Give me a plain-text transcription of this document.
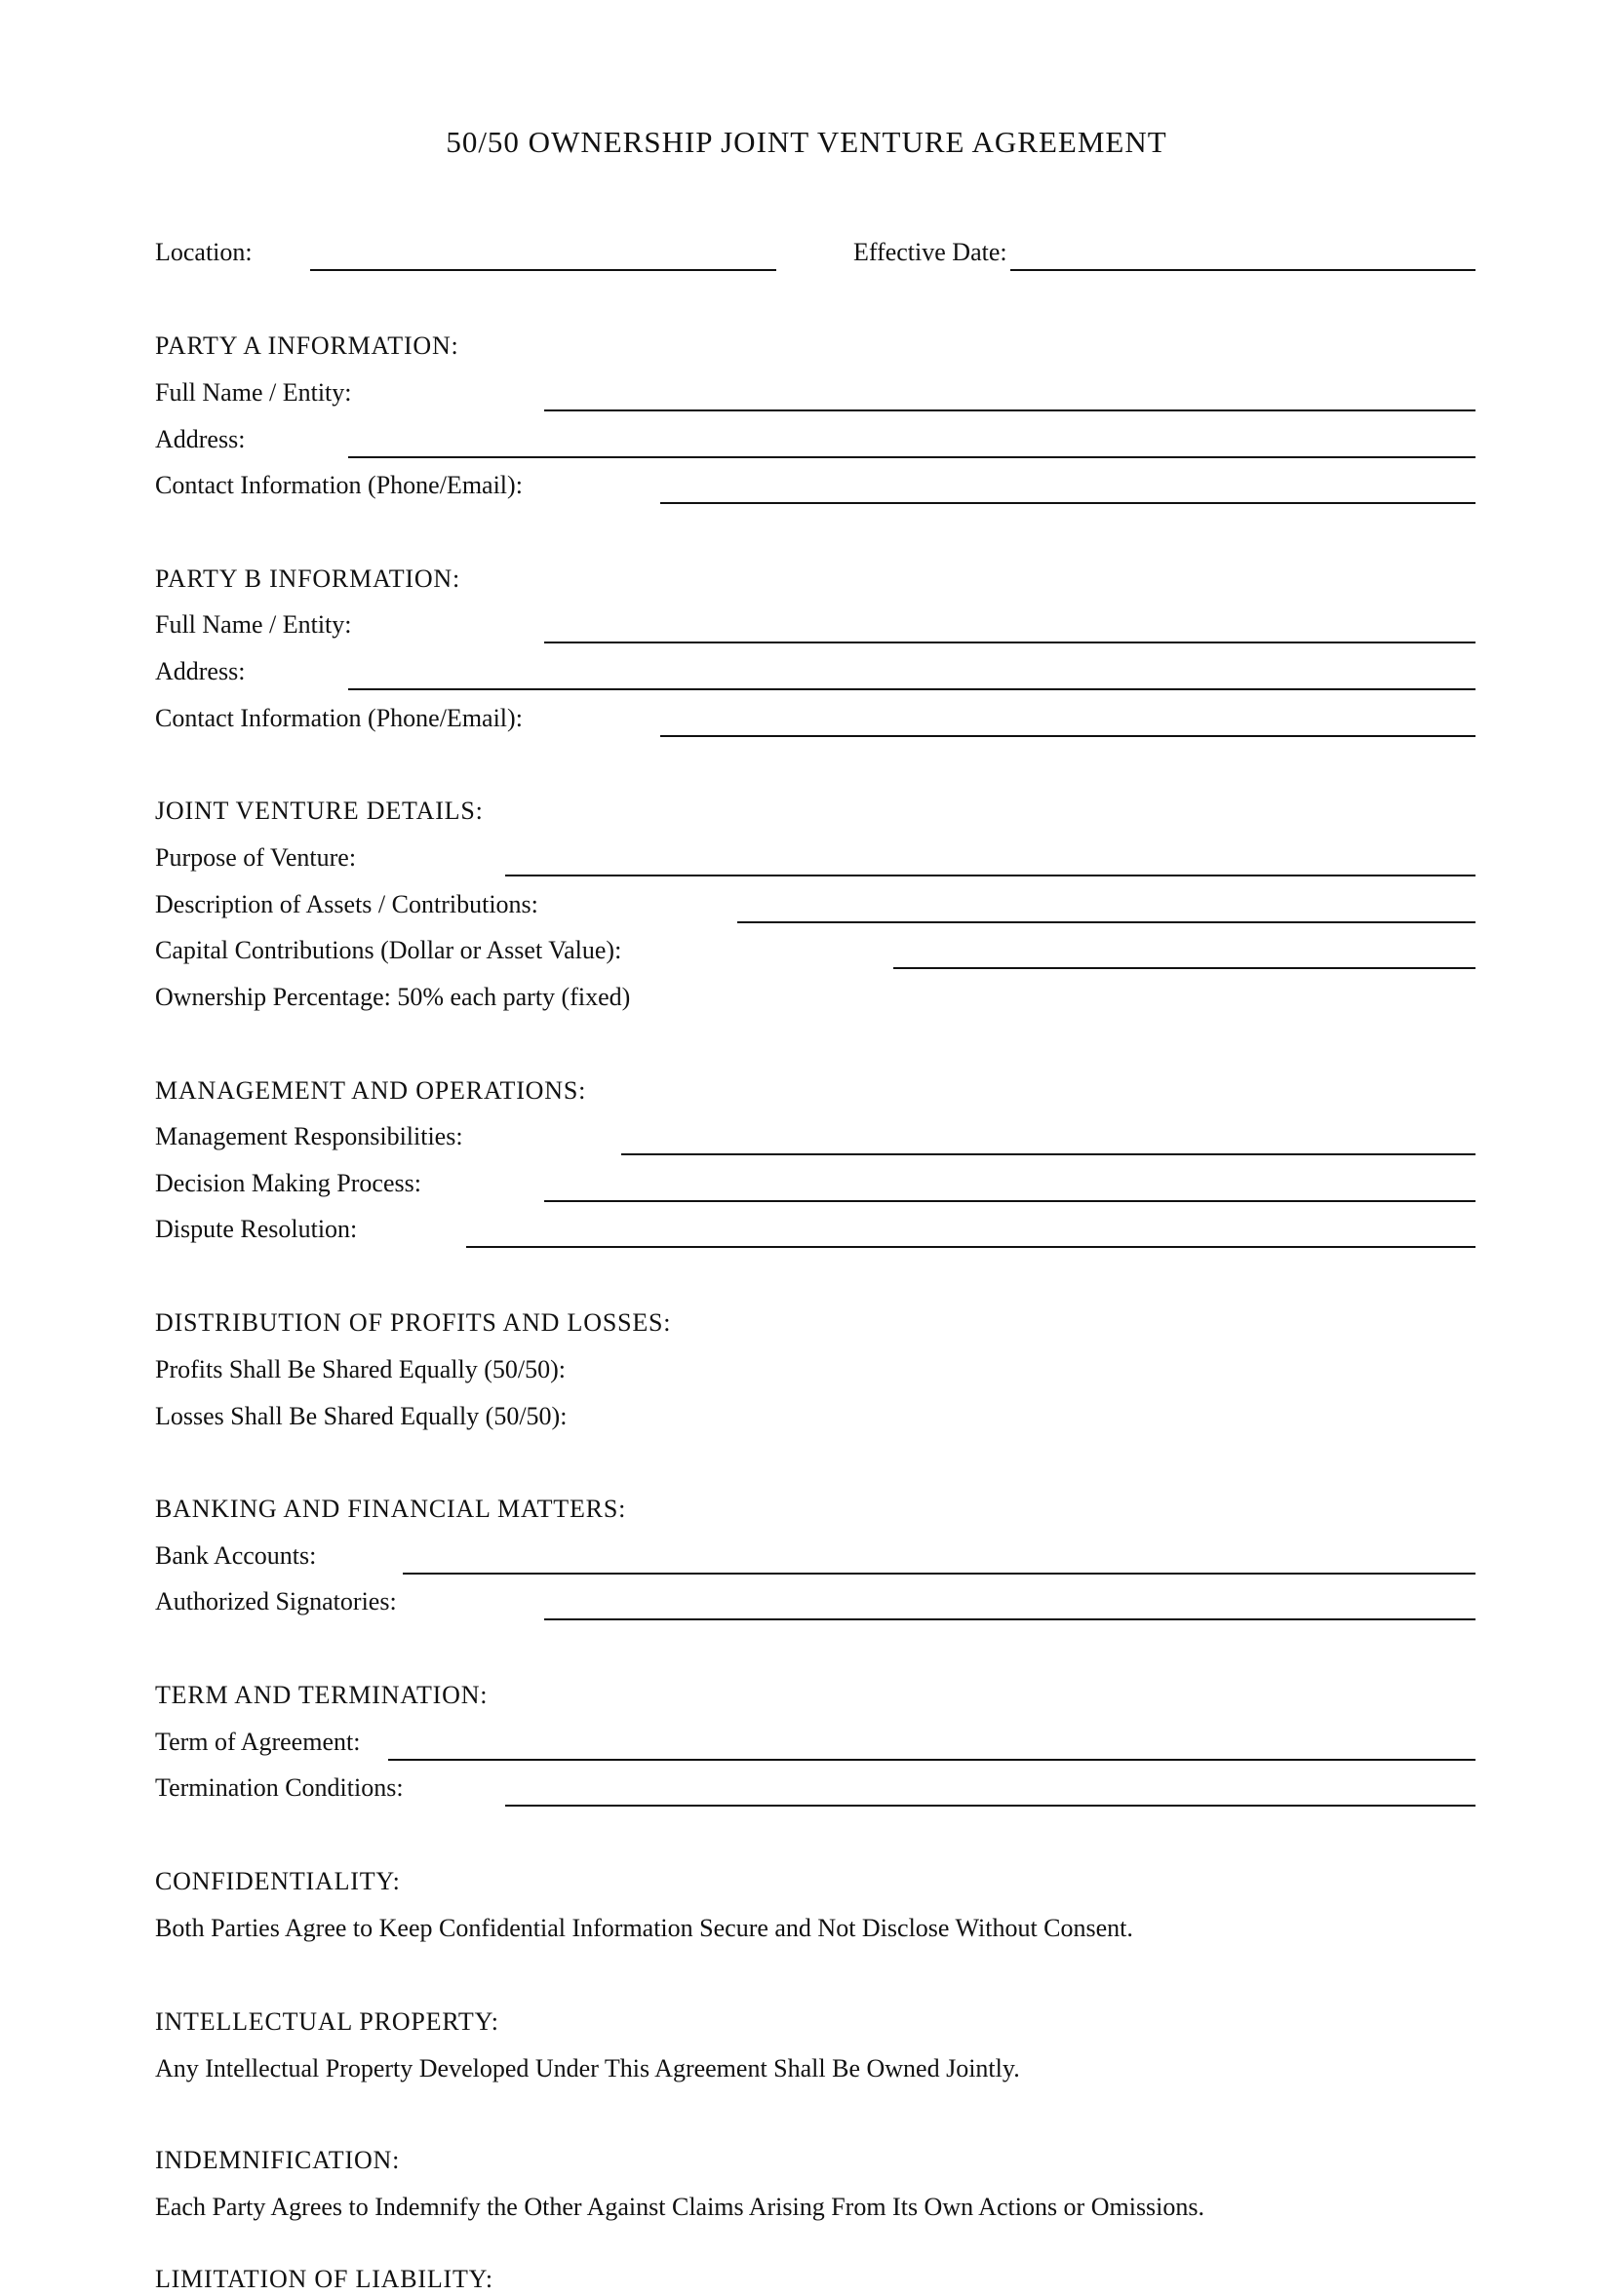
50/50 OWNERSHIP JOINT VENTURE AGREEMENT
Location:	Effective Date:
PARTY A INFORMATION:
Full Name / Entity:
Address:
Contact Information (Phone/Email):
PARTY B INFORMATION:
Full Name / Entity:
Address:
Contact Information (Phone/Email):
JOINT VENTURE DETAILS:
Purpose of Venture:
Description of Assets / Contributions:
Capital Contributions (Dollar or Asset Value):
Ownership Percentage: 50% each party (fixed)
MANAGEMENT AND OPERATIONS:
Management Responsibilities:
Decision Making Process:
Dispute Resolution:
DISTRIBUTION OF PROFITS AND LOSSES:
Profits Shall Be Shared Equally (50/50):
Losses Shall Be Shared Equally (50/50):
BANKING AND FINANCIAL MATTERS:
Bank Accounts:
Authorized Signatories:
TERM AND TERMINATION:
Term of Agreement:
Termination Conditions:
CONFIDENTIALITY:
Both Parties Agree to Keep Confidential Information Secure and Not Disclose Without Consent.
INTELLECTUAL PROPERTY:
Any Intellectual Property Developed Under This Agreement Shall Be Owned Jointly.
INDEMNIFICATION:
Each Party Agrees to Indemnify the Other Against Claims Arising From Its Own Actions or Omissions.
LIMITATION OF LIABILITY:
